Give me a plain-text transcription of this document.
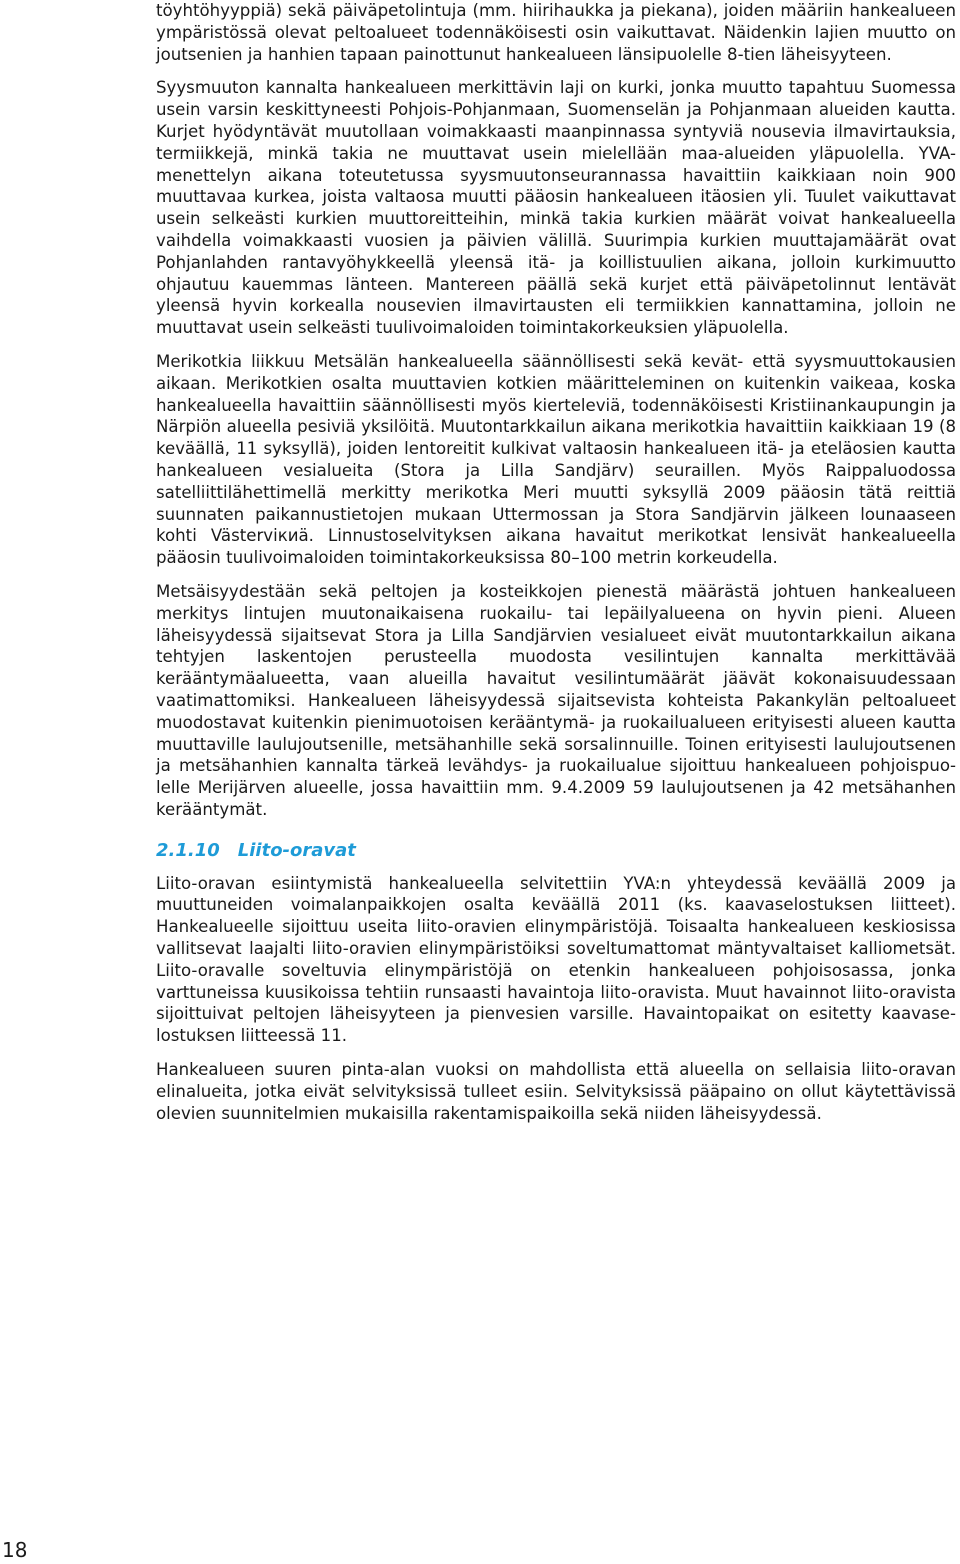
töyhtöhyyppiä) sekä päiväpetolintuja (mm. hiirihaukka ja piekana), joiden määriin hankealueen ympäristössä olevat peltoalueet todennäköisesti osin vaikuttavat. Näidenkin lajien muutto on joutsenien ja hanhien tapaan painottunut hankealueen länsipuolelle 8-tien läheisyyteen.

Syysmuuton kannalta hankealueen merkittävin laji on kurki, jonka muutto tapahtuu Suomessa usein varsin keskittyneesti Pohjois-Pohjanmaan, Suomenselän ja Pohjanmaan alueiden kautta. Kurjet hyödyntävät muutollaan voimakkaasti maanpinnassa syntyviä nousevia ilmavirtauksia, termiikkejä, minkä takia ne muuttavat usein mielellään maa-alueiden yläpuolella. YVA-menettelyn aikana toteutetussa syysmuutonseurannassa havaittiin kaikkiaan noin 900 muuttavaa kurkea, joista valtaosa muutti pääosin hankealueen itäosien yli. Tuulet vaikuttavat usein selkeästi kurkien muuttoreitteihin, minkä takia kurkien määrät voivat hankealueella vaihdella voimakkaasti vuosien ja päivien välillä. Suurimpia kurkien muuttajamäärät ovat Pohjanlahden rantavyöhykkeellä yleensä itä- ja koillistuulien aikana, jolloin kurkimuutto ohjautuu kauemmas länteen. Mantereen päällä sekä kurjet että päiväpetolinnut lentävät yleensä hyvin korkealla nousevien ilmavirtausten eli termiikkien kannattamina, jolloin ne muuttavat usein selkeästi tuulivoimaloiden toimintakorkeuksien yläpuolella.

Merikotkia liikkuu Metsälän hankealueella säännöllisesti sekä kevät- että syysmuuttokausien aikaan. Merikotkien osalta muuttavien kotkien määritteleminen on kuitenkin vaikeaa, koska hankealueella havaittiin säännöllisesti myös kierteleviä, todennäköisesti Kristiinankaupungin ja Närpiön alueella pesiviä yksilöitä. Muutontarkkailun aikana merikotkia havaittiin kaikkiaan 19 (8 keväällä, 11 syksyllä), joiden lentoreitit kulkivat valtaosin hankealueen itä- ja eteläosien kautta hankealueen vesialueita (Stora ja Lilla Sandjärv) seuraillen. Myös Raippaluodossa satelliittilähettimellä merkitty merikotka Meri muutti syksyllä 2009 pääosin tätä reittiä suunnaten paikannustietojen mukaan Uttermossan ja Stora Sandjärvin jälkeen lounaaseen kohti Västerviкиä. Linnustoselvityksen aikana havaitut merikotkat lensivät hankealueella pääosin tuulivoimaloiden toimintakorkeuksissa 80–100 metrin korkeudella.

Metsäisyydestään sekä peltojen ja kosteikkojen pienestä määrästä johtuen hankealueen merkitys lintujen muutonaikaisena ruokailu- tai lepäilyalueena on hyvin pieni. Alueen läheisyydessä sijaitsevat Stora ja Lilla Sandjärvien vesialueet eivät muutontarkkailun aikana tehtyjen laskentojen perusteella muodosta vesilintujen kannalta merkittävää kerääntymäalueetta, vaan alueilla havaitut vesilintumäärät jäävät kokonaisuudessaan vaatimattomiksi. Hankealueen läheisyydessä sijaitsevista kohteista Pakankylän peltoalueet muodostavat kuitenkin pienimuotoisen kerääntymä- ja ruokailualueen erityisesti alueen kautta muuttaville laulujoutsenille, metsähanhille sekä sorsalinnuille. Toinen erityisesti laulujoutsenen ja metsähanhien kannalta tärkeä levähdys- ja ruokailualue sijoittuu hankealueen pohjoispuolelle Merijärven alueelle, jossa havaittiin mm. 9.4.2009 59 laulujoutsenen ja 42 metsähanhen kerääntymät.

2.1.10 Liito-oravat

Liito-oravan esiintymistä hankealueella selvitettiin YVA:n yhteydessä keväällä 2009 ja muuttuneiden voimalanpaikkojen osalta keväällä 2011 (ks. kaavaselostuksen liitteet). Hankealueelle sijoittuu useita liito-oravien elinympäristöjä. Toisaalta hankealueen keskiosissa vallitsevat laajalti liito-oravien elinympäristöiksi soveltumattomat mäntyvaltaiset kalliometsät. Liito-oravalle soveltuvia elinympäristöjä on etenkin hankealueen pohjoisosassa, jonka varttuneissa kuusikoissa tehtiin runsaasti havaintoja liito-oravista. Muut havainnot liito-oravista sijoittuivat peltojen läheisyyteen ja pienvesien varsille. Havaintopaikat on esitetty kaavaselostuksen liitteessä 11.

Hankealueen suuren pinta-alan vuoksi on mahdollista että alueella on sellaisia liito-oravan elinalueita, jotka eivät selvityksissä tulleet esiin. Selvityksissä pääpaino on ollut käytettävissä olevien suunnitelmien mukaisilla rakentamispaikoilla sekä niiden läheisyydessä.

18
